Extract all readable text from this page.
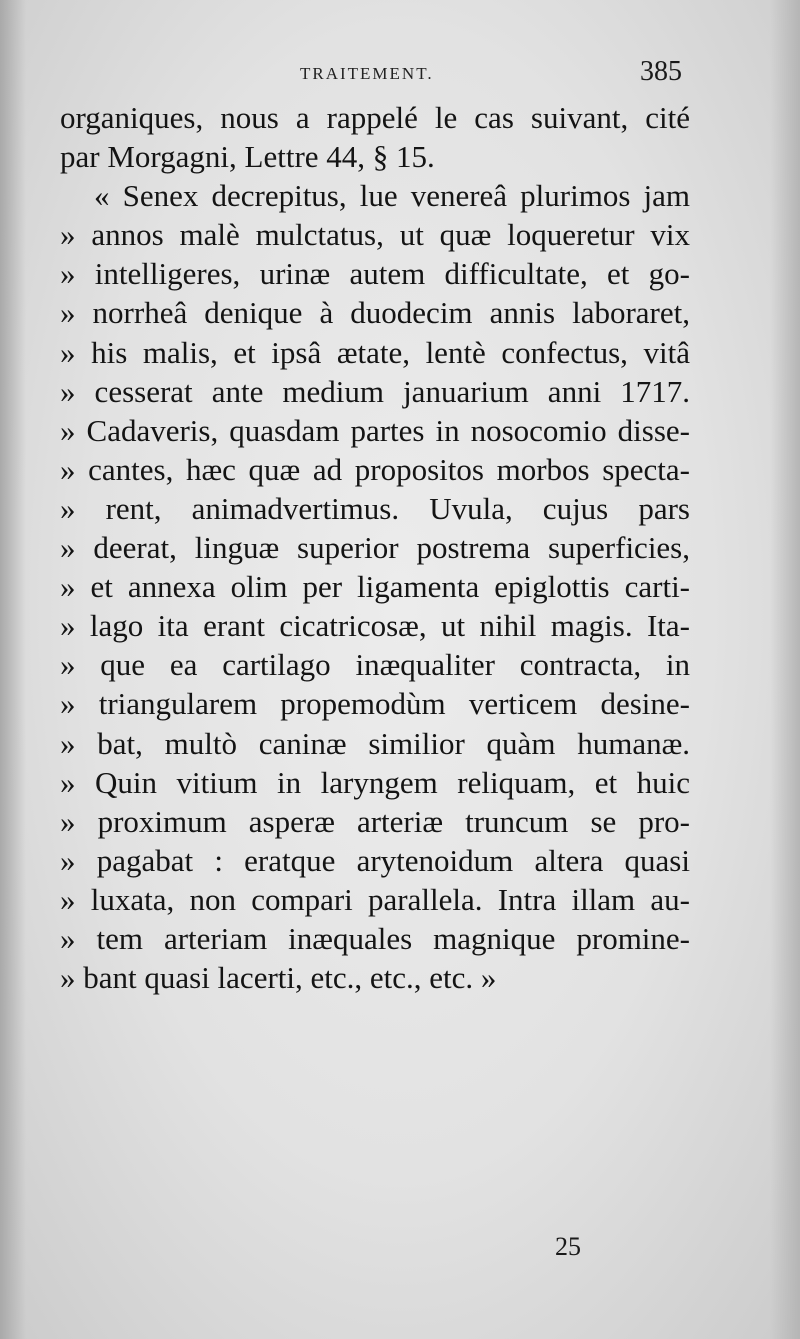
TRAITEMENT.	385
organiques, nous a rappelé le cas suivant, cité
par Morgagni, Lettre 44, § 15.
« Senex decrepitus, lue venereâ plurimos jam
» annos malè mulctatus, ut quæ loqueretur vix
» intelligeres, urinæ autem difficultate, et go-
» norrheâ denique à duodecim annis laboraret,
» his malis, et ipsâ ætate, lentè confectus, vitâ
» cesserat ante medium januarium anni 1717.
» Cadaveris, quasdam partes in nosocomio disse-
» cantes, hæc quæ ad propositos morbos specta-
» rent, animadvertimus. Uvula, cujus pars
» deerat, linguæ superior postrema superficies,
» et annexa olim per ligamenta epiglottis carti-
» lago ita erant cicatricosæ, ut nihil magis. Ita-
» que ea cartilago inæqualiter contracta, in
» triangularem propemodùm verticem desine-
» bat, multò caninæ similior quàm humanæ.
» Quin vitium in laryngem reliquam, et huic
» proximum asperæ arteriæ truncum se pro-
» pagabat : eratque arytenoidum altera quasi
» luxata, non compari parallela. Intra illam au-
» tem arteriam inæquales magnique promine-
» bant quasi lacerti, etc., etc., etc. »
25
